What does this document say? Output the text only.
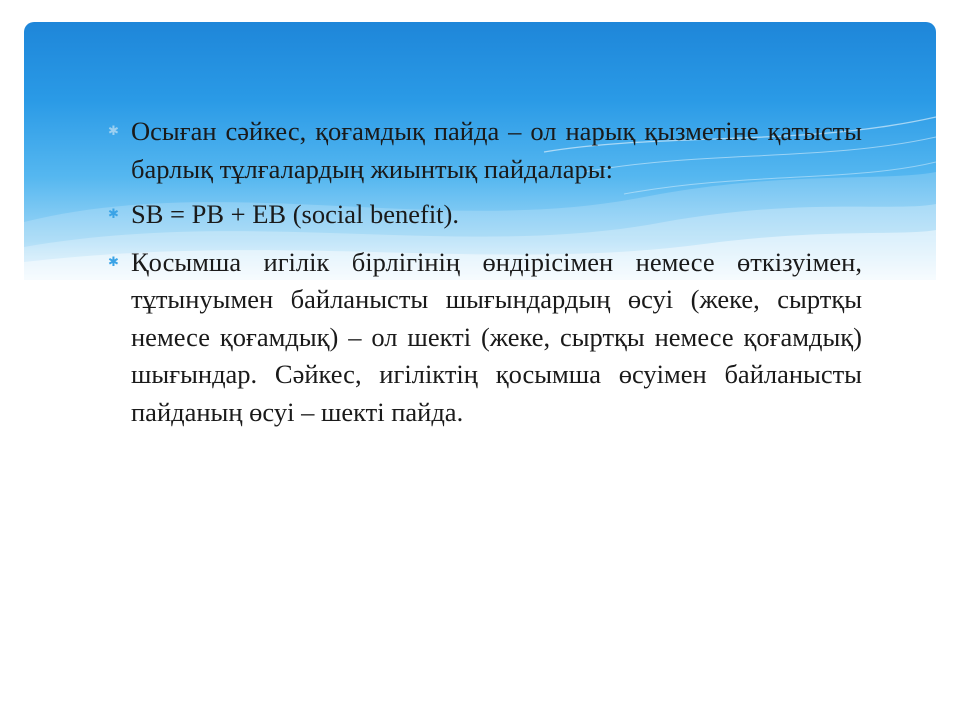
✱ Осыған сәйкес, қоғамдық пайда – ол нарық қызметіне қатысты барлық тұлғалардың жиынтық пайдалары:
✱ SB = PB + EB (social benefit).
✱ Қосымша игілік бірлігінің өндірісімен немесе өткізуімен, тұтынуымен байланысты шығындардың өсуі (жеке, сыртқы немесе қоғамдық) – ол шекті (жеке, сыртқы немесе қоғамдық) шығындар. Сәйкес, игіліктің қосымша өсуімен байланысты пайданың өсуі – шекті пайда.
